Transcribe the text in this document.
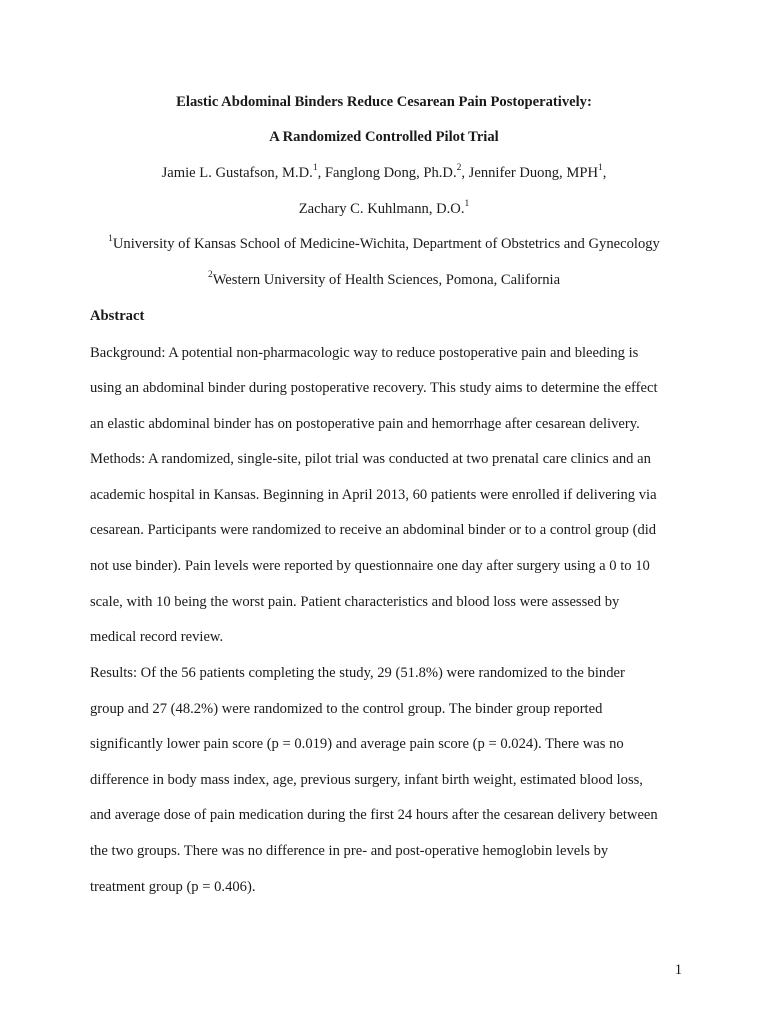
Elastic Abdominal Binders Reduce Cesarean Pain Postoperatively:
A Randomized Controlled Pilot Trial
Jamie L. Gustafson, M.D.$^1$, Fanglong Dong, Ph.D.$^2$, Jennifer Duong, MPH$^1$,
Zachary C. Kuhlmann, D.O.$^1$
$^1$University of Kansas School of Medicine-Wichita, Department of Obstetrics and Gynecology
$^2$Western University of Health Sciences, Pomona, California
Abstract
Background: A potential non-pharmacologic way to reduce postoperative pain and bleeding is
using an abdominal binder during postoperative recovery. This study aims to determine the effect
an elastic abdominal binder has on postoperative pain and hemorrhage after cesarean delivery.
Methods: A randomized, single-site, pilot trial was conducted at two prenatal care clinics and an
academic hospital in Kansas. Beginning in April 2013, 60 patients were enrolled if delivering via
cesarean. Participants were randomized to receive an abdominal binder or to a control group (did
not use binder). Pain levels were reported by questionnaire one day after surgery using a 0 to 10
scale, with 10 being the worst pain. Patient characteristics and blood loss were assessed by
medical record review.
Results: Of the 56 patients completing the study, 29 (51.8%) were randomized to the binder
group and 27 (48.2%) were randomized to the control group. The binder group reported
significantly lower pain score (p = 0.019) and average pain score (p = 0.024). There was no
difference in body mass index, age, previous surgery, infant birth weight, estimated blood loss,
and average dose of pain medication during the first 24 hours after the cesarean delivery between
the two groups. There was no difference in pre- and post-operative hemoglobin levels by
treatment group (p = 0.406).
1
